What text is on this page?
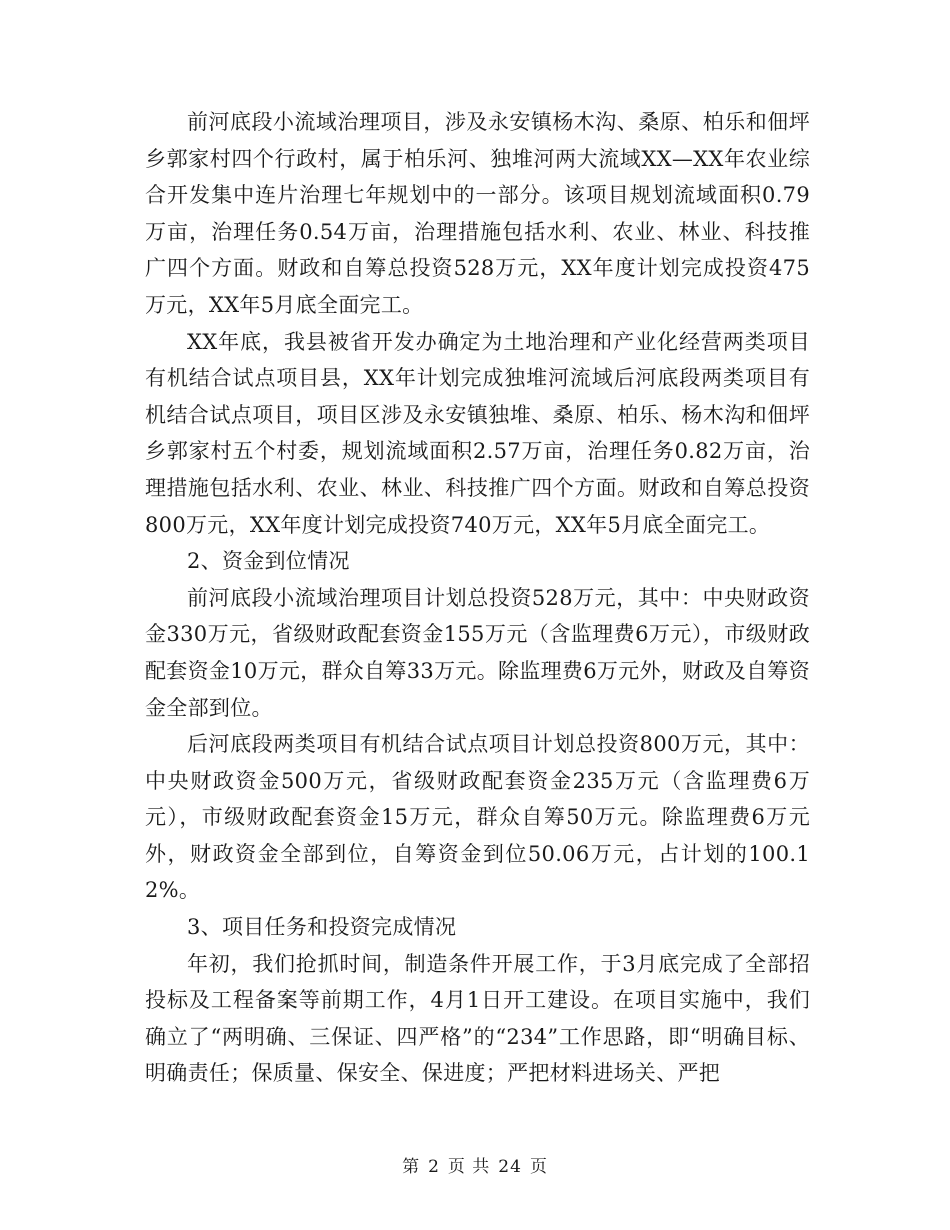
前河底段小流域治理项目，涉及永安镇杨木沟、桑原、柏乐和佃坪乡郭家村四个行政村，属于柏乐河、独堆河两大流域XX—XX年农业综合开发集中连片治理七年规划中的一部分。该项目规划流域面积0.79万亩，治理任务0.54万亩，治理措施包括水利、农业、林业、科技推广四个方面。财政和自筹总投资528万元，XX年度计划完成投资475万元，XX年5月底全面完工。

XX年底，我县被省开发办确定为土地治理和产业化经营两类项目有机结合试点项目县，XX年计划完成独堆河流域后河底段两类项目有机结合试点项目，项目区涉及永安镇独堆、桑原、柏乐、杨木沟和佃坪乡郭家村五个村委，规划流域面积2.57万亩，治理任务0.82万亩，治理措施包括水利、农业、林业、科技推广四个方面。财政和自筹总投资800万元，XX年度计划完成投资740万元，XX年5月底全面完工。

2、资金到位情况

前河底段小流域治理项目计划总投资528万元，其中：中央财政资金330万元，省级财政配套资金155万元（含监理费6万元），市级财政配套资金10万元，群众自筹33万元。除监理费6万元外，财政及自筹资金全部到位。

后河底段两类项目有机结合试点项目计划总投资800万元，其中：中央财政资金500万元，省级财政配套资金235万元（含监理费6万元），市级财政配套资金15万元，群众自筹50万元。除监理费6万元外，财政资金全部到位，自筹资金到位50.06万元，占计划的100.12%。

3、项目任务和投资完成情况

年初，我们抢抓时间，制造条件开展工作，于3月底完成了全部招投标及工程备案等前期工作，4月1日开工建设。在项目实施中，我们确立了“两明确、三保证、四严格”的“234”工作思路，即“明确目标、明确责任；保质量、保安全、保进度；严把材料进场关、严把

第 2 页 共 24 页
